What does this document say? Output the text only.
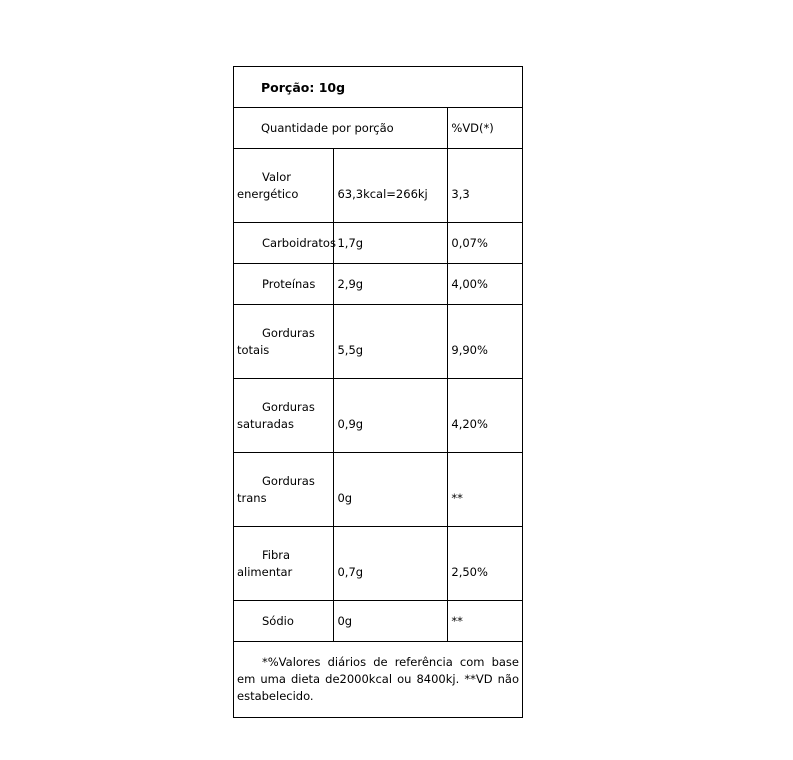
Porção: 10g		
Quantidade por porção		%VD(*)

Valor
energético	63,3kcal=266kj	3,3

Carboidratos	1,7g	0,07%

Proteínas	2,9g	4,00%

Gorduras
totais	5,5g	9,90%

Gorduras
saturadas	0,9g	4,20%

Gorduras
trans	0g	**

Fibra
alimentar	0,7g	2,50%

Sódio	0g	**
*%Valores diários de referência com base em uma dieta de2000kcal ou 8400kj. **VD não estabelecido.		
